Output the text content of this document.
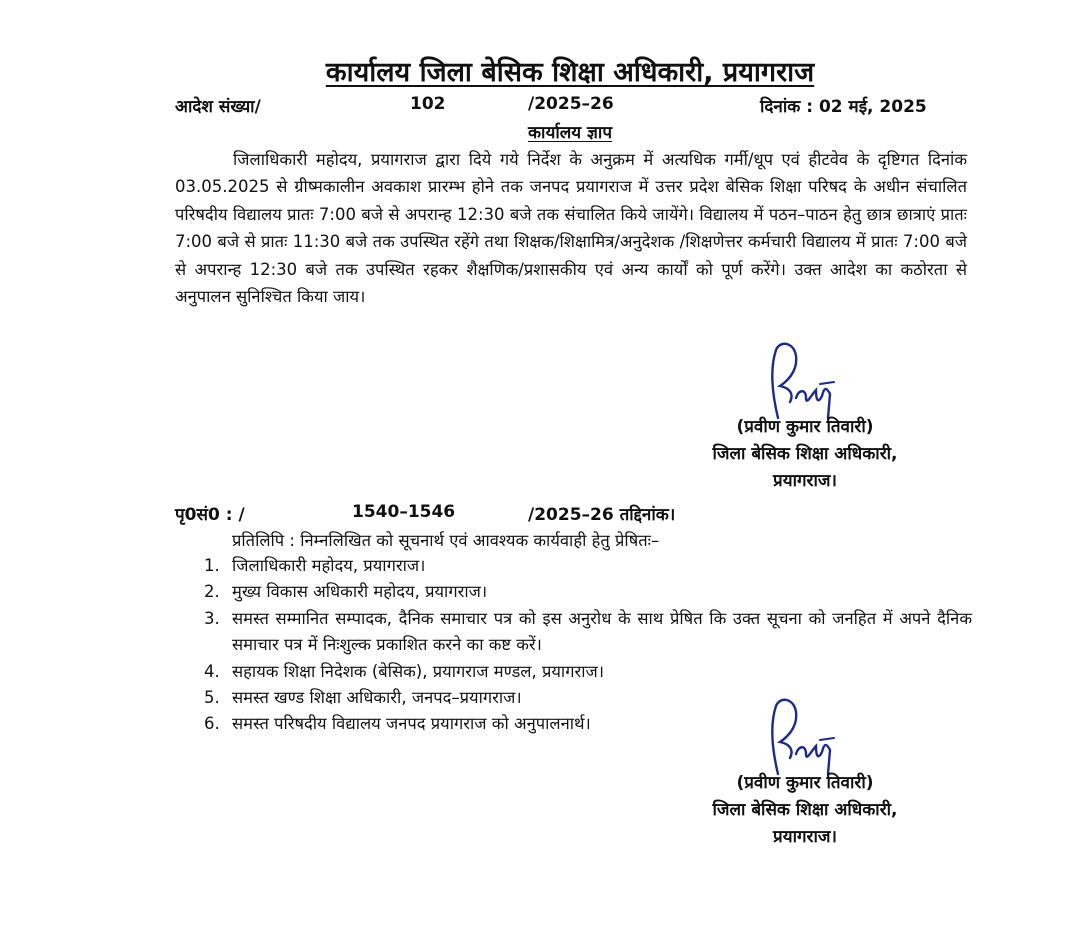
कार्यालय जिला बेसिक शिक्षा अधिकारी, प्रयागराज
आदेश संख्या/	102	/2025–26	दिनांक : 02 मई, 2025
कार्यालय ज्ञाप
जिलाधिकारी महोदय, प्रयागराज द्वारा दिये गये निर्देश के अनुक्रम में अत्यधिक गर्मी/धूप एवं हीटवेव के दृष्टिगत दिनांक 03.05.2025 से ग्रीष्मकालीन अवकाश प्रारम्भ होने तक जनपद प्रयागराज में उत्तर प्रदेश बेसिक शिक्षा परिषद के अधीन संचालित परिषदीय विद्यालय प्रातः 7:00 बजे से अपरान्ह 12:30 बजे तक संचालित किये जायेंगे। विद्यालय में पठन–पाठन हेतु छात्र छात्राएं प्रातः 7:00 बजे से प्रातः 11:30 बजे तक उपस्थित रहेंगे तथा शिक्षक/शिक्षामित्र/अनुदेशक /शिक्षणेत्तर कर्मचारी विद्यालय में प्रातः 7:00 बजे से अपरान्ह 12:30 बजे तक उपस्थित रहकर शैक्षणिक/प्रशासकीय एवं अन्य कार्यों को पूर्ण करेंगे। उक्त आदेश का कठोरता से अनुपालन सुनिश्चित किया जाय।
(प्रवीण कुमार तिवारी)
जिला बेसिक शिक्षा अधिकारी,
प्रयागराज।
पृ0सं0 : /	1540–1546	/2025–26 तद्दिनांक।
प्रतिलिपि : निम्नलिखित को सूचनार्थ एवं आवश्यक कार्यवाही हेतु प्रेषितः–
1. जिलाधिकारी महोदय, प्रयागराज।
2. मुख्य विकास अधिकारी महोदय, प्रयागराज।
3. समस्त सम्मानित सम्पादक, दैनिक समाचार पत्र को इस अनुरोध के साथ प्रेषित कि उक्त सूचना को जनहित में अपने दैनिक समाचार पत्र में निःशुल्क प्रकाशित करने का कष्ट करें।
4. सहायक शिक्षा निदेशक (बेसिक), प्रयागराज मण्डल, प्रयागराज।
5. समस्त खण्ड शिक्षा अधिकारी, जनपद–प्रयागराज।
6. समस्त परिषदीय विद्यालय जनपद प्रयागराज को अनुपालनार्थ।
(प्रवीण कुमार तिवारी)
जिला बेसिक शिक्षा अधिकारी,
प्रयागराज।
